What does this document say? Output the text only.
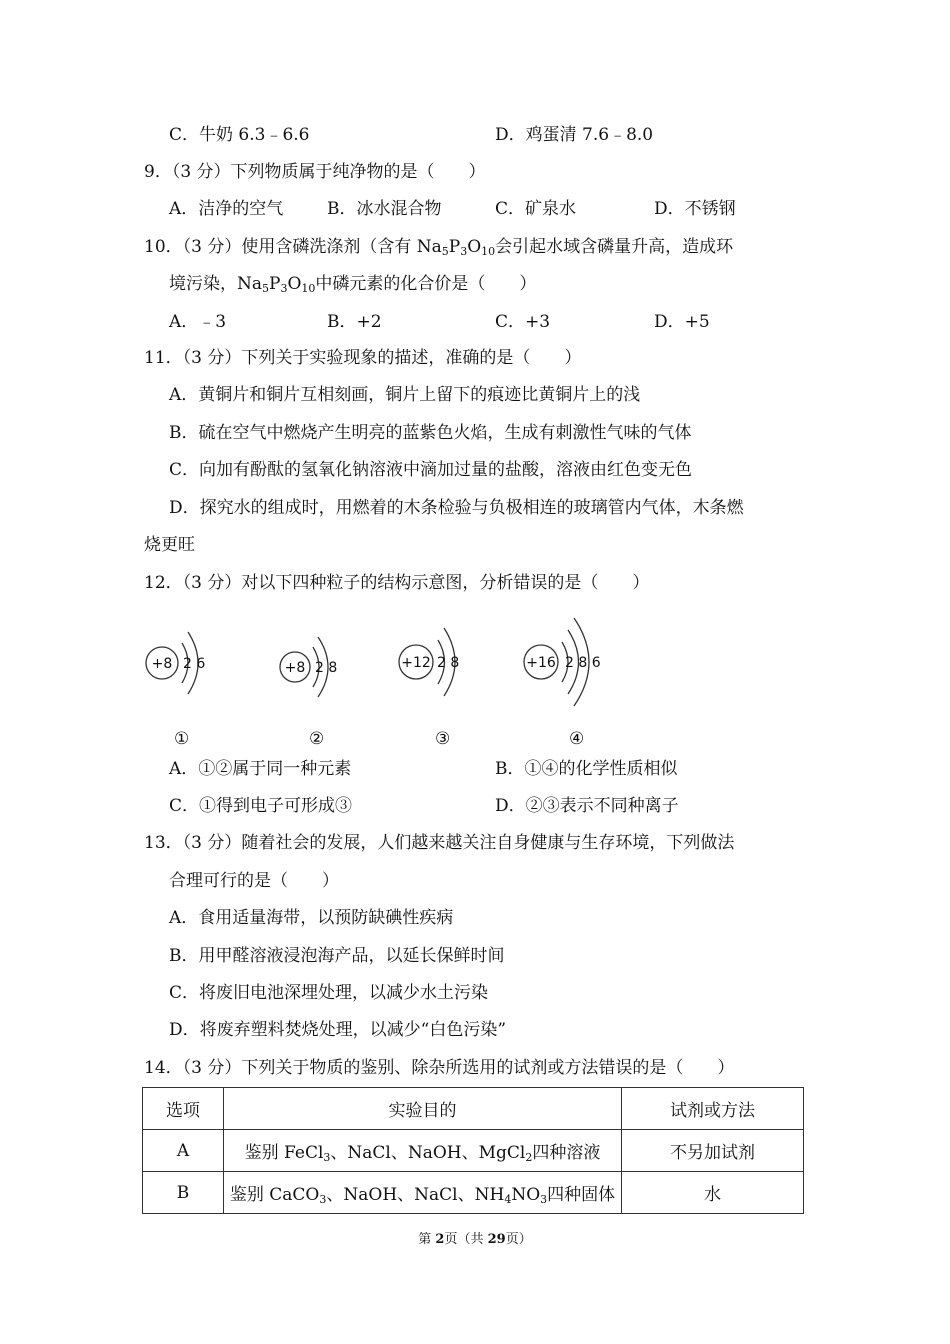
C．牛奶 6.3﹣6.6	D．鸡蛋清 7.6﹣8.0
9．（3 分）下列物质属于纯净物的是（　　）
A．洁净的空气	B．冰水混合物	C．矿泉水	D．不锈钢
10．（3 分）使用含磷洗涤剂（含有 $Na_5P_3O_{10}$会引起水域含磷量升高，造成环
境污染，$Na_5P_3O_{10}$中磷元素的化合价是（　　）
A．﹣3	B．+2	C．+3	D．+5
11．（3 分）下列关于实验现象的描述，准确的是（　　）
A．黄铜片和铜片互相刻画，铜片上留下的痕迹比黄铜片上的浅
B．硫在空气中燃烧产生明亮的蓝紫色火焰，生成有刺激性气味的气体
C．向加有酚酞的氢氧化钠溶液中滴加过量的盐酸，溶液由红色变无色
D．探究水的组成时，用燃着的木条检验与负极相连的玻璃管内气体，木条燃
烧更旺
12．（3 分）对以下四种粒子的结构示意图，分析错误的是（　　）
+8 2 6	+8 2 8	+12 2 8	+16 2 8 6
①	②	③	④
A．①②属于同一种元素	B．①④的化学性质相似
C．①得到电子可形成③	D．②③表示不同种离子
13．（3 分）随着社会的发展，人们越来越关注自身健康与生存环境，下列做法
合理可行的是（　　）
A．食用适量海带，以预防缺碘性疾病
B．用甲醛溶液浸泡海产品，以延长保鲜时间
C．将废旧电池深埋处理，以减少水土污染
D．将废弃塑料焚烧处理，以减少“白色污染”
14．（3 分）下列关于物质的鉴别、除杂所选用的试剂或方法错误的是（　　）
选项	实验目的	试剂或方法
A	鉴别 FeCl$_3$、NaCl、NaOH、MgCl$_2$四种溶液	不另加试剂
B	鉴别 CaCO$_3$、NaOH、NaCl、$NH_4NO_3$四种固体	水
第 2页（共 29页）
